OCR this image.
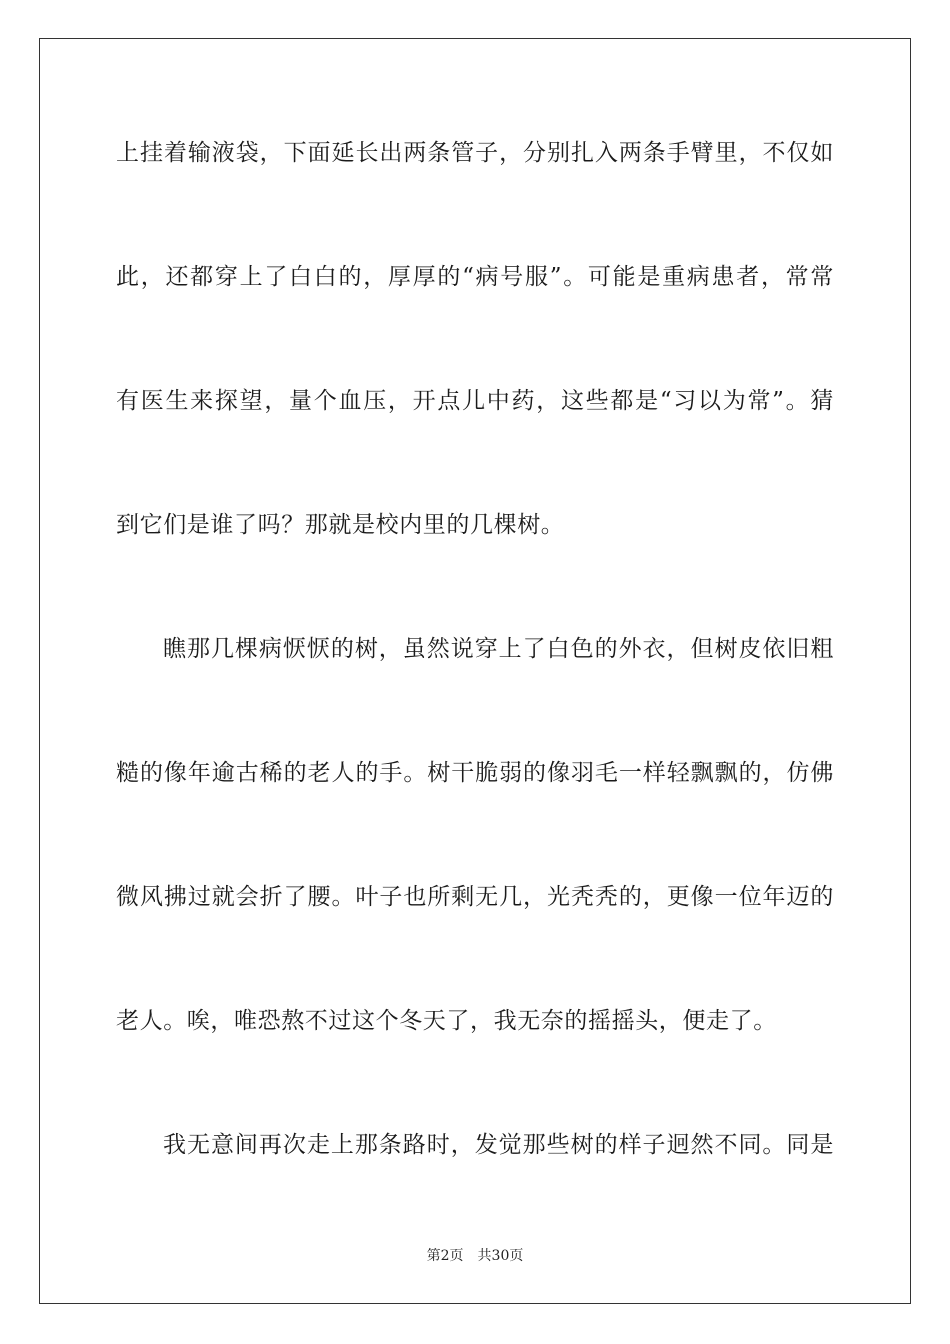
上挂着输液袋，下面延长出两条管子，分别扎入两条手臂里，不仅如
此，还都穿上了白白的，厚厚的“病号服”。可能是重病患者，常常
有医生来探望，量个血压，开点儿中药，这些都是“习以为常”。猜
到它们是谁了吗？那就是校内里的几棵树。
瞧那几棵病恹恹的树，虽然说穿上了白色的外衣，但树皮依旧粗
糙的像年逾古稀的老人的手。树干脆弱的像羽毛一样轻飘飘的，仿佛
微风拂过就会折了腰。叶子也所剩无几，光秃秃的，更像一位年迈的
老人。唉，唯恐熬不过这个冬天了，我无奈的摇摇头，便走了。
我无意间再次走上那条路时，发觉那些树的样子迥然不同。同是
第2页 共30页
